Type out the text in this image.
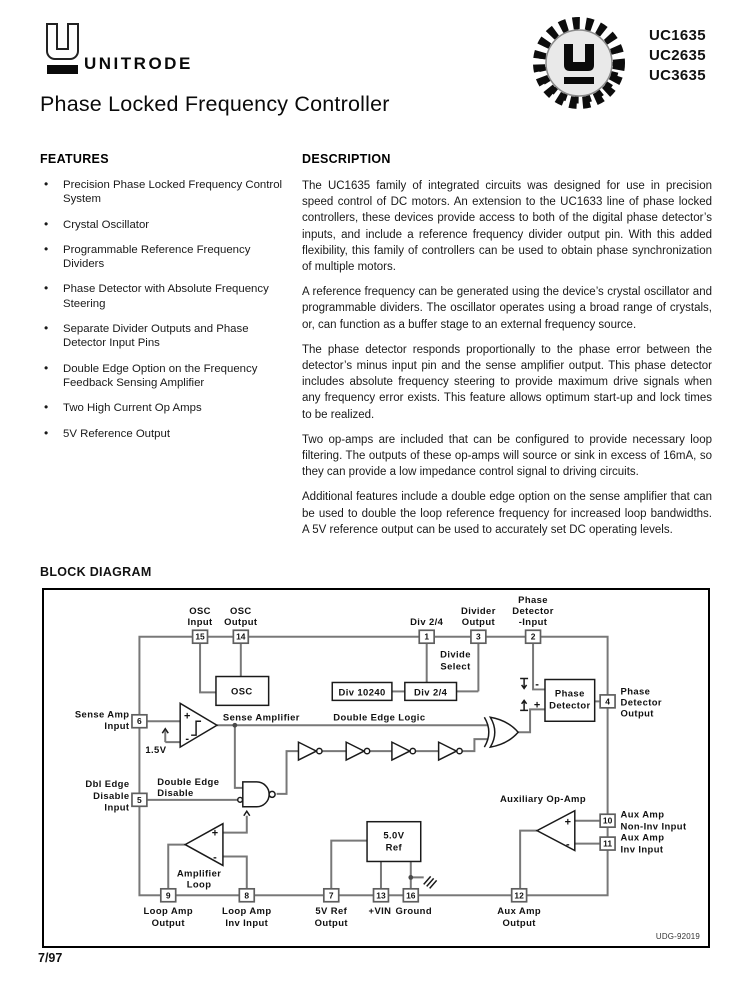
UNITRODE
UC1635
UC2635
UC3635
Phase Locked Frequency Controller
FEATURES
• Precision Phase Locked Frequency Control System
• Crystal Oscillator
• Programmable Reference Frequency Dividers
• Phase Detector with Absolute Frequency Steering
• Separate Divider Outputs and Phase Detector Input Pins
• Double Edge Option on the Frequency Feedback Sensing Amplifier
• Two High Current Op Amps
• 5V Reference Output
DESCRIPTION

The UC1635 family of integrated circuits was designed for use in precision speed control of DC motors. An extension to the UC1633 line of phase locked controllers, these devices provide access to both of the digital phase detector’s inputs, and include a reference frequency divider output pin. With this added flexibility, this family of controllers can be used to obtain phase synchronization of multiple motors.

A reference frequency can be generated using the device’s crystal oscillator and programmable dividers. The oscillator operates using a broad range of crystals, or, can function as a buffer stage to an external frequency source.

The phase detector responds proportionally to the phase error between the detector’s minus input pin and the sense amplifier output. This phase detector includes absolute frequency steering to provide maximum drive signals when any frequency error exists. This feature allows optimum start-up and lock times to be realized.

Two op-amps are included that can be configured to provide necessary loop filtering. The outputs of these op-amps will source or sink in excess of 16mA, so they can provide a low impedance control signal to driving circuits.

Additional features include a double edge option on the sense amplifier that can be used to double the loop reference frequency for increased loop bandwidths. A 5V reference output can be used to accurately set DC operating levels.

BLOCK DIAGRAM
15	14	1	3	2
6
5
4
10
11
9	8	7	13 16	12
OSC
Input
OSC
Output	Div 2/4
Divider
Output
Phase
Detector
-Input
Divide
Select
OSC	Div 10240	Div 2/4	Phase
Detector
5.0V
Ref
Sense Amp
Input
Dbl Edge
Disable
Input
1.5V
Sense Amplifier	Double Edge Logic
Double Edge
Disable
Phase
Detector
Output
Auxiliary Op-Amp
Aux Amp
Non-Inv Input
Aux Amp
Inv Input
Amplifier
Loop
Loop Amp
Output
Loop Amp
Inv Input
5V Ref
Output
+VIN Ground	Aux Amp
Output
UDG-92019
+
-
-
+
+
-
+
-
7/97
